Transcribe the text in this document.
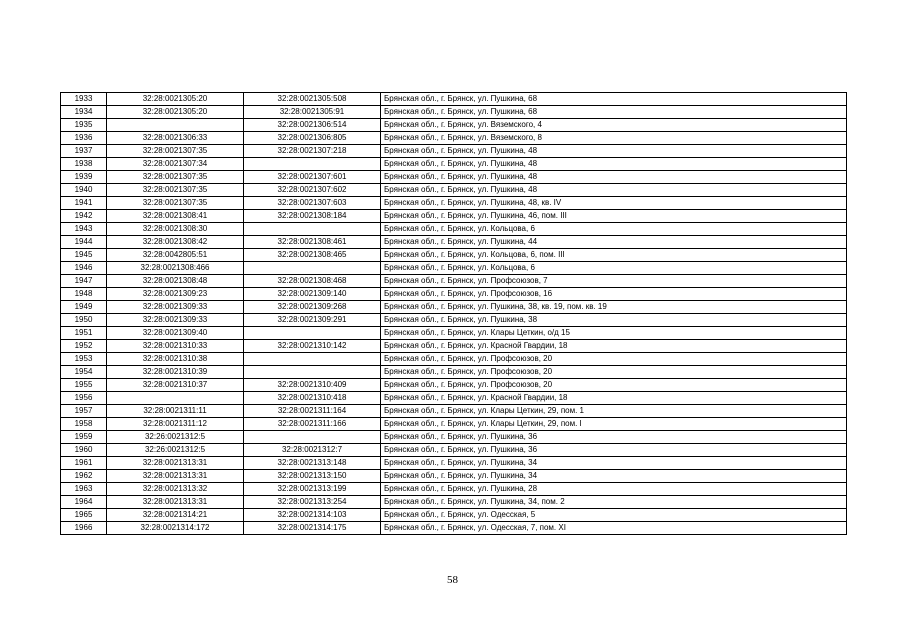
1933	32:28:0021305:20	32:28:0021305:508	Брянская обл., г. Брянск, ул. Пушкина, 68
1934	32:28:0021305:20	32:28:0021305:91	Брянская обл., г. Брянск, ул. Пушкина, 68
1935		32:28:0021306:514	Брянская обл., г. Брянск, ул. Вяземского, 4
1936	32:28:0021306:33	32:28:0021306:805	Брянская обл., г. Брянск, ул. Вяземского, 8
1937	32:28:0021307:35	32:28:0021307:218	Брянская обл., г. Брянск, ул. Пушкина, 48
1938	32:28:0021307:34		Брянская обл., г. Брянск, ул. Пушкина, 48
1939	32:28:0021307:35	32:28:0021307:601	Брянская обл., г. Брянск, ул. Пушкина, 48
1940	32:28:0021307:35	32:28:0021307:602	Брянская обл., г. Брянск, ул. Пушкина, 48
1941	32:28:0021307:35	32:28:0021307:603	Брянская обл., г. Брянск, ул. Пушкина, 48, кв. IV
1942	32:28:0021308:41	32:28:0021308:184	Брянская обл., г. Брянск, ул. Пушкина, 46, пом. III
1943	32:28:0021308:30		Брянская обл., г. Брянск, ул. Кольцова, 6
1944	32:28:0021308:42	32:28:0021308:461	Брянская обл., г. Брянск, ул. Пушкина, 44
1945	32:28:0042805:51	32:28:0021308:465	Брянская обл., г. Брянск, ул. Кольцова, 6, пом. III
1946	32:28:0021308:466		Брянская обл., г. Брянск, ул. Кольцова, 6
1947	32:28:0021308:48	32:28:0021308:468	Брянская обл., г. Брянск, ул. Профсоюзов, 7
1948	32:28:0021309:23	32:28:0021309:140	Брянская обл., г. Брянск, ул. Профсоюзов, 16
1949	32:28:0021309:33	32:28:0021309:268	Брянская обл., г. Брянск, ул. Пушкина, 38, кв. 19, пом. кв. 19
1950	32:28:0021309:33	32:28:0021309:291	Брянская обл., г. Брянск, ул. Пушкина, 38
1951	32:28:0021309:40		Брянская обл., г. Брянск, ул. Клары Цеткин, о/д 15
1952	32:28:0021310:33	32:28:0021310:142	Брянская обл., г. Брянск, ул. Красной Гвардии, 18
1953	32:28:0021310:38		Брянская обл., г. Брянск, ул. Профсоюзов, 20
1954	32:28:0021310:39		Брянская обл., г. Брянск, ул. Профсоюзов, 20
1955	32:28:0021310:37	32:28:0021310:409	Брянская обл., г. Брянск, ул. Профсоюзов, 20
1956		32:28:0021310:418	Брянская обл., г. Брянск, ул. Красной Гвардии, 18
1957	32:28:0021311:11	32:28:0021311:164	Брянская обл., г. Брянск, ул. Клары Цеткин, 29, пом. 1
1958	32:28:0021311:12	32:28:0021311:166	Брянская обл., г. Брянск, ул. Клары Цеткин, 29, пом. I
1959	32:26:0021312:5		Брянская обл., г. Брянск, ул. Пушкина, 36
1960	32:26:0021312:5	32:28:0021312:7	Брянская обл., г. Брянск, ул. Пушкина, 36
1961	32:28:0021313:31	32:28:0021313:148	Брянская обл., г. Брянск, ул. Пушкина, 34
1962	32:28:0021313:31	32:28:0021313:150	Брянская обл., г. Брянск, ул. Пушкина, 34
1963	32:28:0021313:32	32:28:0021313:199	Брянская обл., г. Брянск, ул. Пушкина, 28
1964	32:28:0021313:31	32:28:0021313:254	Брянская обл., г. Брянск, ул. Пушкина, 34, пом. 2
1965	32:28:0021314:21	32:28:0021314:103	Брянская обл., г. Брянск, ул. Одесская, 5
1966	32:28:0021314:172	32:28:0021314:175	Брянская обл., г. Брянск, ул. Одесская, 7, пом. XI
58
